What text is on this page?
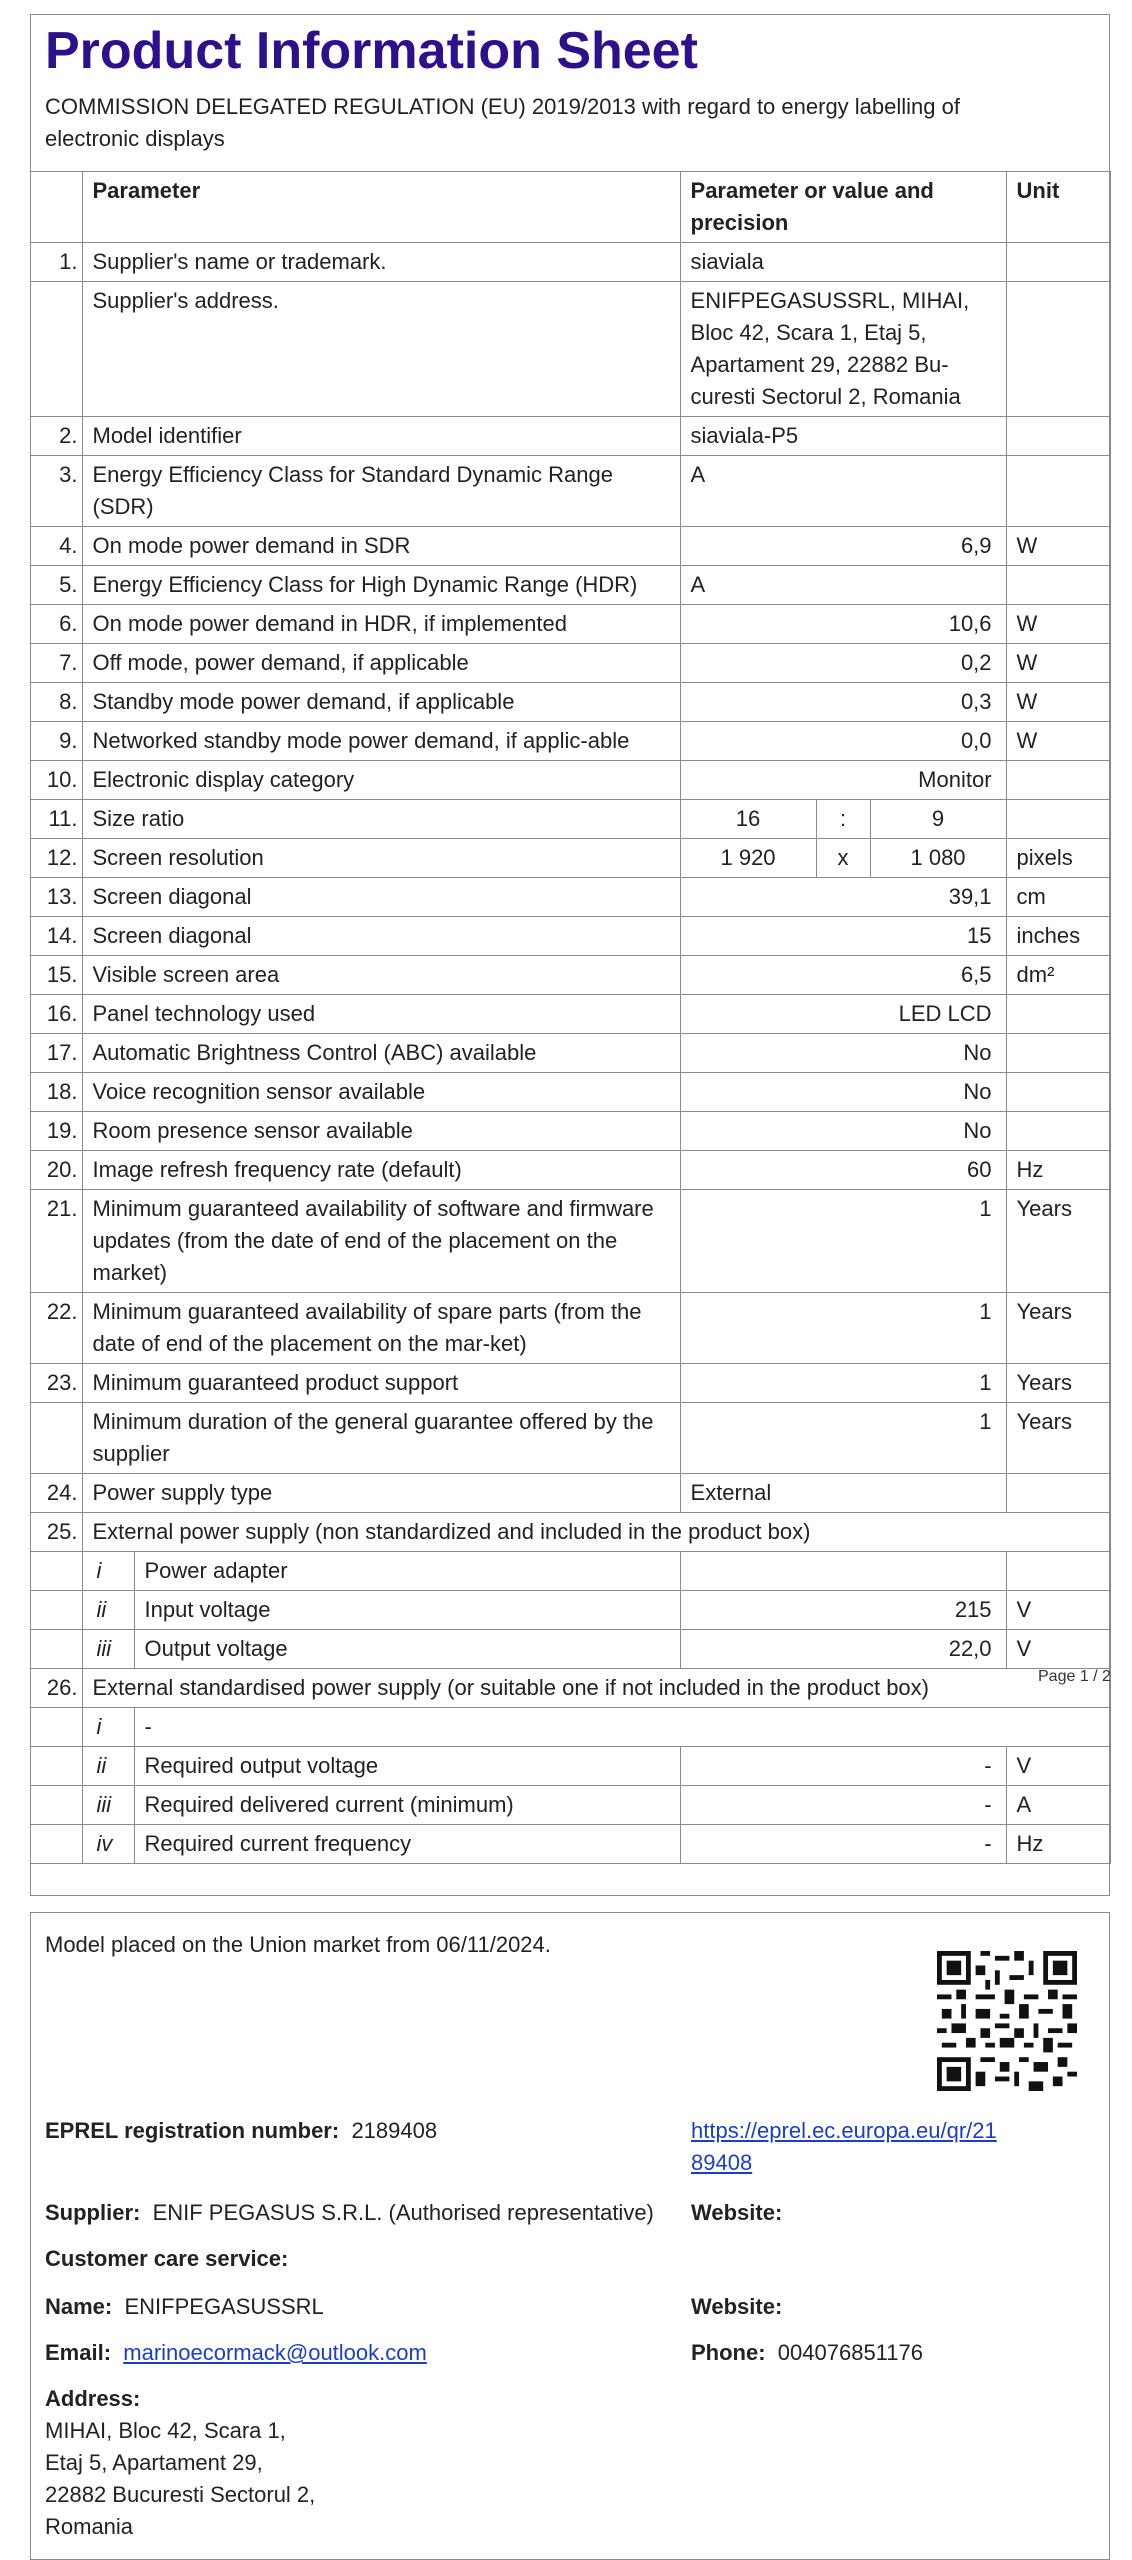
Product Information Sheet

COMMISSION DELEGATED REGULATION (EU) 2019/2013 with regard to energy labelling of electronic displays

	Parameter		Parameter or value and precision			Unit
1.	Supplier's name or trademark.		siaviala			
	Supplier's address.		ENIFPEGASUSSRL, MIHAI, Bloc 42, Scara 1, Etaj 5, Apartament 29, 22882 Bu-curesti Sectorul 2, Romania			
2.	Model identifier		siaviala-P5			
3.	Energy Efficiency Class for Standard Dynamic Range (SDR)		A			
4.	On mode power demand in SDR		6,9			W
5.	Energy Efficiency Class for High Dynamic Range (HDR)		A			
6.	On mode power demand in HDR, if implemented		10,6			W
7.	Off mode, power demand, if applicable		0,2			W
8.	Standby mode power demand, if applicable		0,3			W
9.	Networked standby mode power demand, if applic-able		0,0			W
10.	Electronic display category		Monitor			
11.	Size ratio		16	:	9	
12.	Screen resolution		1 920	x	1 080	pixels
13.	Screen diagonal		39,1			cm
14.	Screen diagonal		15			inches
15.	Visible screen area		6,5			dm²
16.	Panel technology used		LED LCD			
17.	Automatic Brightness Control (ABC) available		No			
18.	Voice recognition sensor available		No			
19.	Room presence sensor available		No			
20.	Image refresh frequency rate (default)		60			Hz
21.	Minimum guaranteed availability of software and firmware updates (from the date of end of the placement on the market)		1			Years
22.	Minimum guaranteed availability of spare parts (from the date of end of the placement on the mar-ket)		1			Years
23.	Minimum guaranteed product support		1			Years
	Minimum duration of the general guarantee offered by the supplier		1			Years
24.	Power supply type		External			
25.	External power supply (non standardized and included in the product box)					
	i	Power adapter				
	ii	Input voltage	215			V
	iii	Output voltage	22,0			V
26.	External standardised power supply (or suitable one if not included in the product box)					
	i	-				
	ii	Required output voltage	-			V
	iii	Required delivered current (minimum)	-			A
	iv	Required current frequency	-			Hz
Page 1 / 2
Model placed on the Union market from 06/11/2024.
EPREL registration number: 2189408	https://eprel.ec.europa.eu/qr/21
89408
Supplier: ENIF PEGASUS S.R.L. (Authorised representative) Website:
Customer care service:
Name: ENIFPEGASUSSRL	Website:
Email: marinoecormack@outlook.com	Phone: 004076851176
Address:
MIHAI, Bloc 42, Scara 1,
Etaj 5, Apartament 29,
22882 Bucuresti Sectorul 2,
Romania
